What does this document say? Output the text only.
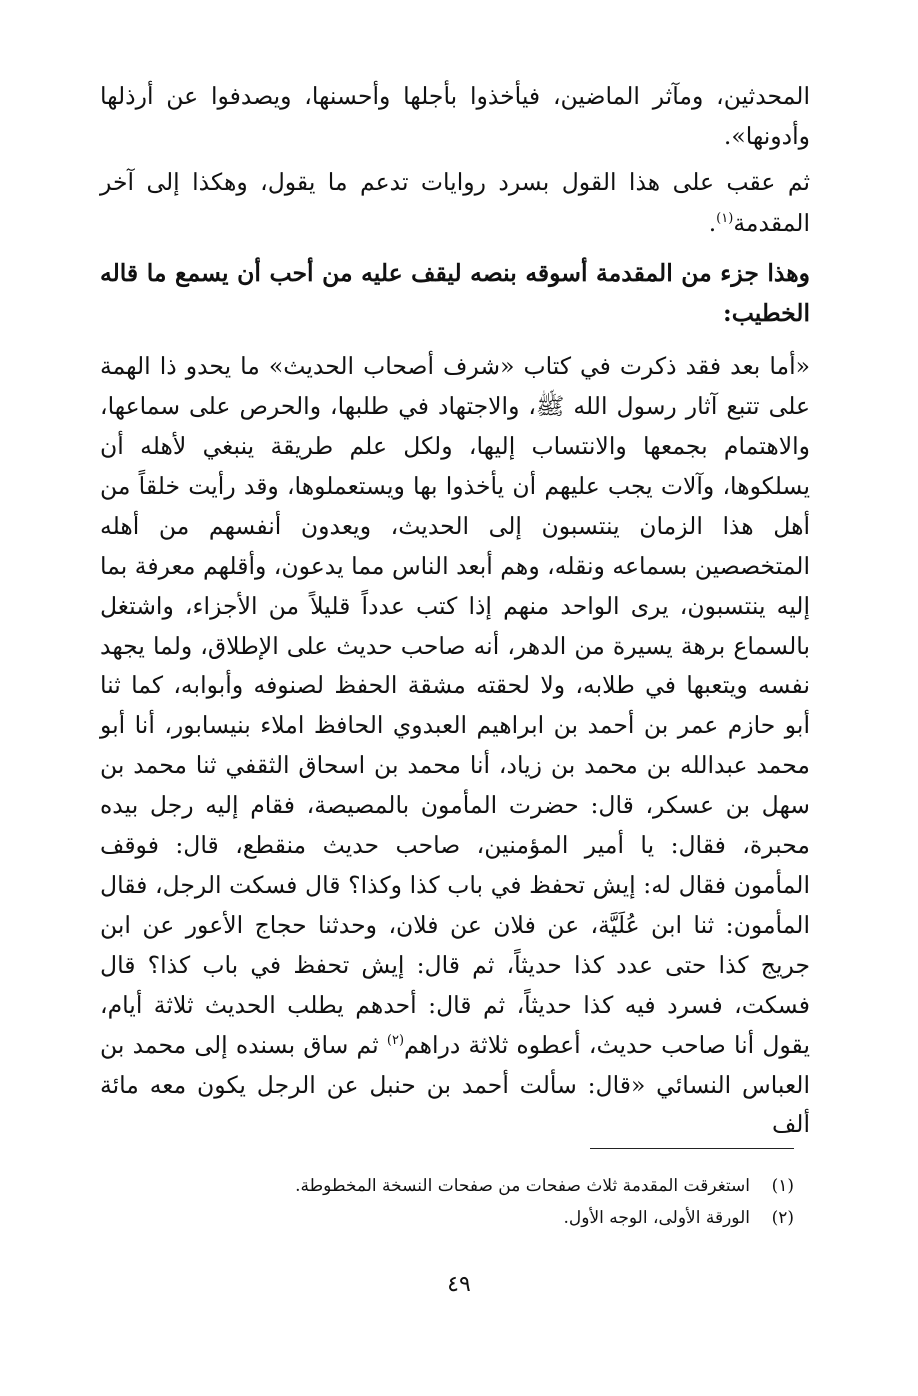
المحدثين، ومآثر الماضين، فيأخذوا بأجلها وأحسنها، ويصدفوا عن أرذلها وأدونها».

ثم عقب على هذا القول بسرد روايات تدعم ما يقول، وهكذا إلى آخر المقدمة$^{(١)}$.

وهذا جزء من المقدمة أسوقه بنصه ليقف عليه من أحب أن يسمع ما قاله الخطيب:

«أما بعد فقد ذكرت في كتاب «شرف أصحاب الحديث» ما يحدو ذا الهمة على تتبع آثار رسول الله ﷺ، والاجتهاد في طلبها، والحرص على سماعها، والاهتمام بجمعها والانتساب إليها، ولكل علم طريقة ينبغي لأهله أن يسلكوها، وآلات يجب عليهم أن يأخذوا بها ويستعملوها، وقد رأيت خلقاً من أهل هذا الزمان ينتسبون إلى الحديث، ويعدون أنفسهم من أهله المتخصصين بسماعه ونقله، وهم أبعد الناس مما يدعون، وأقلهم معرفة بما إليه ينتسبون، يرى الواحد منهم إذا كتب عدداً قليلاً من الأجزاء، واشتغل بالسماع برهة يسيرة من الدهر، أنه صاحب حديث على الإطلاق، ولما يجهد نفسه ويتعبها في طلابه، ولا لحقته مشقة الحفظ لصنوفه وأبوابه، كما ثنا أبو حازم عمر بن أحمد بن ابراهيم العبدوي الحافظ املاء بنيسابور، أنا أبو محمد عبدالله بن محمد بن زياد، أنا محمد بن اسحاق الثقفي ثنا محمد بن سهل بن عسكر، قال: حضرت المأمون بالمصيصة، فقام إليه رجل بيده محبرة، فقال: يا أمير المؤمنين، صاحب حديث منقطع، قال: فوقف المأمون فقال له: إيش تحفظ في باب كذا وكذا؟ قال فسكت الرجل، فقال المأمون: ثنا ابن عُلَيَّة، عن فلان عن فلان، وحدثنا حجاج الأعور عن ابن جريج كذا حتى عدد كذا حديثاً، ثم قال: إيش تحفظ في باب كذا؟ قال فسكت، فسرد فيه كذا حديثاً، ثم قال: أحدهم يطلب الحديث ثلاثة أيام، يقول أنا صاحب حديث، أعطوه ثلاثة دراهم$^{(٢)}$ ثم ساق بسنده إلى محمد بن العباس النسائي «قال: سألت أحمد بن حنبل عن الرجل يكون معه مائة ألف

(١)
استغرقت المقدمة ثلاث صفحات من صفحات النسخة المخطوطة.
(٢)
الورقة الأولى، الوجه الأول.
٤٩
